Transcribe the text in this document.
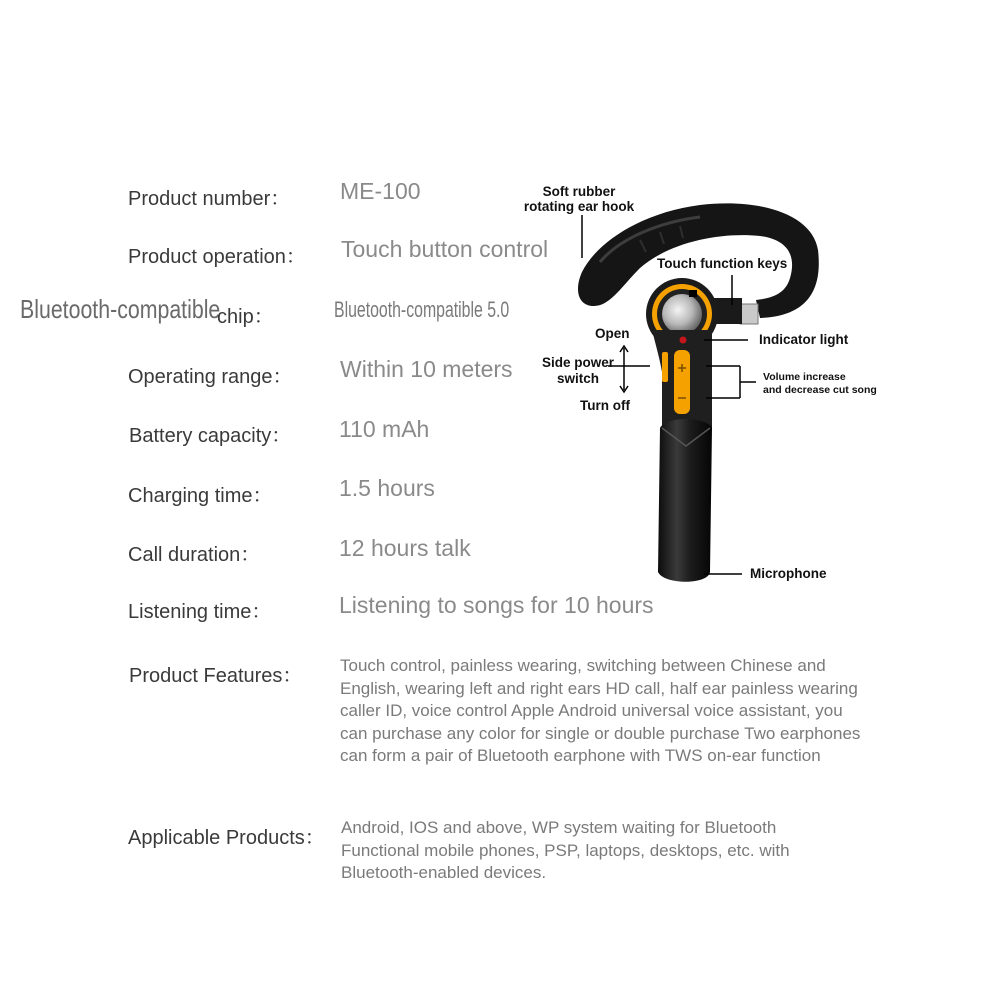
Product number： ME-100
Product operation： Touch button control
Bluetooth-compatible
chip：	Bluetooth-compatible 5.0
Operating range： Within 10 meters
Battery capacity： 110 mAh
Charging time：	1.5 hours
Call duration：	12 hours talk
Listening time：	Listening to songs for 10 hours
Product Features： Touch control, painless wearing, switching between Chinese and
English, wearing left and right ears HD call, half ear painless wearing
caller ID, voice control Apple Android universal voice assistant, you
can purchase any color for single or double purchase Two earphones
can form a pair of Bluetooth earphone with TWS on-ear function
Applicable Products： Android, IOS and above, WP system waiting for Bluetooth
Functional mobile phones, PSP, laptops, desktops, etc. with
Bluetooth-enabled devices.
Soft rubber
rotating ear hook
Touch function keys
Indicator light
Open
Side power
switch
Turn off
Volume increase
and decrease cut song
Microphone
